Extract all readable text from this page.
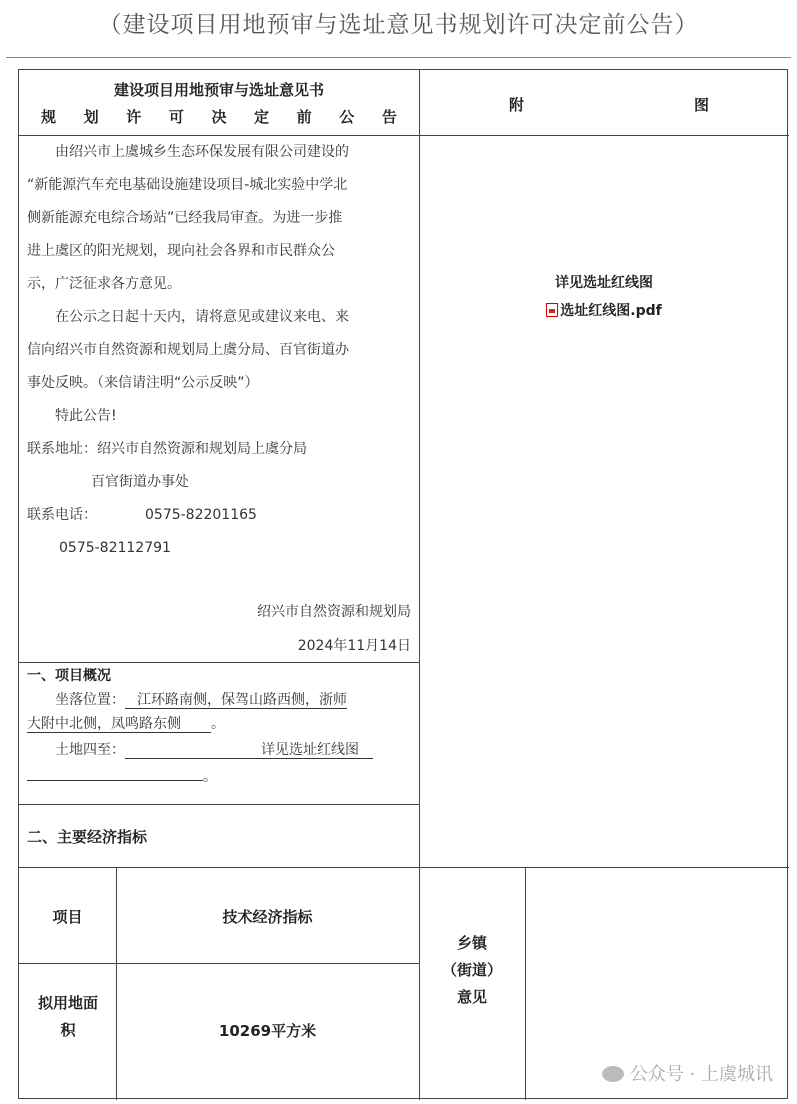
（建设项目用地预审与选址意见书规划许可决定前公告）
建设项目用地预审与选址意见书
规 划 许 可 决 定 前 公 告
附	图
由绍兴市上虞城乡生态环保发展有限公司建设的
“新能源汽车充电基础设施建设项目-城北实验中学北
侧新能源充电综合场站”已经我局审查。为进一步推
进上虞区的阳光规划，现向社会各界和市民群众公
示，广泛征求各方意见。
在公示之日起十天内，请将意见或建议来电、来
信向绍兴市自然资源和规划局上虞分局、百官街道办
事处反映。（来信请注明“公示反映”）
特此公告!
联系地址：绍兴市自然资源和规划局上虞分局
百官街道办事处
联系电话：	0575-82201165
0575-82112791
绍兴市自然资源和规划局
2024年11月14日
详见选址红线图
选址红线图.pdf
一、项目概况
坐落位置： 江环路南侧，保驾山路西侧，浙师
大附中北侧，凤鸣路东侧 。
土地四至：	详见选址红线图
。
二、主要经济指标
项目	技术经济指标
拟用地面积	10269平方米
乡镇
（街道）
意见
公众号 · 上虞城讯
